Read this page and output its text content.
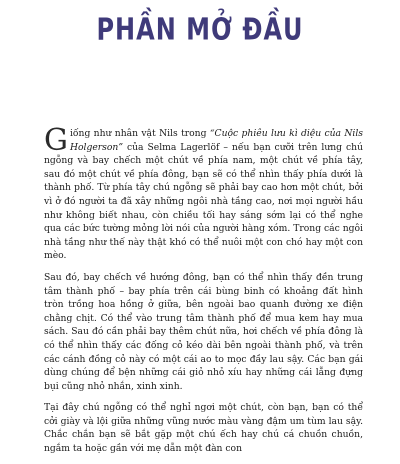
PHẦN MỞ ĐẦU

Giống như nhân vật Nils trong “Cuộc phiêu lưu kì diệu của Nils Holgerson” của Selma Lagerlöf – nếu bạn cưỡi trên lưng chú ngỗng và bay chếch một chút về phía nam, một chút về phía tây, sau đó một chút về phía đông, bạn sẽ có thể nhìn thấy phía dưới là thành phố. Từ phía tây chú ngỗng sẽ phải bay cao hơn một chút, bởi vì ở đó người ta đã xây những ngôi nhà tầng cao, nơi mọi người hầu như không biết nhau, còn chiều tối hay sáng sớm lại có thể nghe qua các bức tường mỏng lời nói của người hàng xóm. Trong các ngôi nhà tầng như thế này thật khó có thể nuôi một con chó hay một con mèo.

Sau đó, bay chếch về hướng đông, bạn có thể nhìn thấy đền trung tâm thành phố – bay phía trên cái bùng binh có khoảng đất hình tròn trồng hoa hồng ở giữa, bên ngoài bao quanh đường xe điện chằng chịt. Có thể vào trung tâm thành phố để mua kem hay mua sách. Sau đó cần phải bay thêm chút nữa, hơi chếch về phía đông là có thể nhìn thấy các đống cỏ kéo dài bên ngoài thành phố, và trên các cánh đồng cỏ này có một cái ao to mọc đầy lau sậy. Các bạn gái dùng chúng để bện những cái giỏ nhỏ xíu hay những cái lẵng đựng bụi cũng nhỏ nhắn, xinh xinh.

Tại đây chú ngỗng có thể nghỉ ngơi một chút, còn bạn, bạn có thể cởi giày và lội giữa những vũng nước màu vàng đậm um tùm lau sậy. Chắc chắn bạn sẽ bắt gặp một chú ếch hay chú cá chuồn chuồn, ngắm ta hoặc gần với mẹ dẫn một đàn con
